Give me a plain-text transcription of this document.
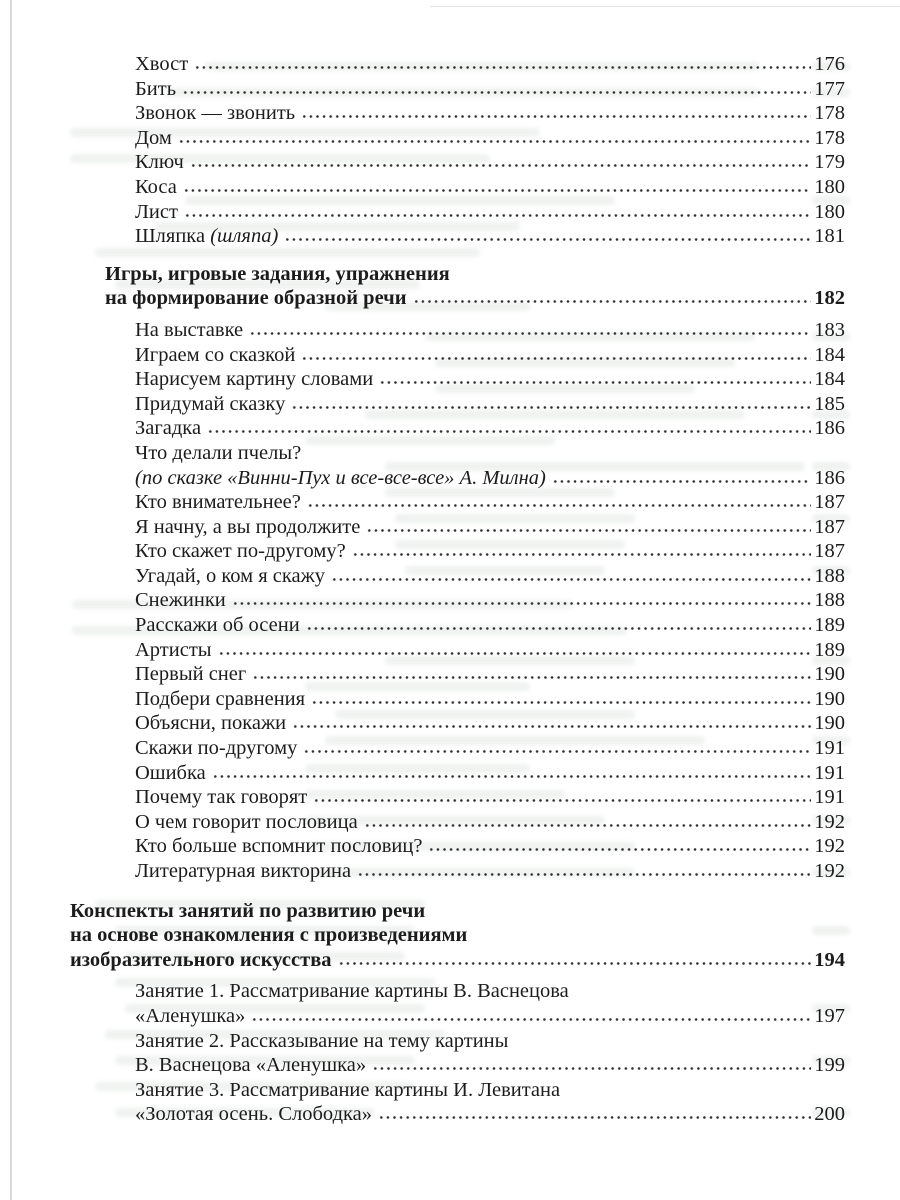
Хвост	176
Бить	177
Звонок — звонить	178
Дом	178
Ключ	179
Коса	180
Лист	180
Шляпка (шляпа)	181
Игры, игровые задания, упражнения
на формирование образной речи	182
На выставке	183
Играем со сказкой	184
Нарисуем картину словами	184
Придумай сказку	185
Загадка	186
Что делали пчелы?
(по сказке «Винни-Пух и все-все-все» А. Милна)	186
Кто внимательнее?	187
Я начну, а вы продолжите	187
Кто скажет по-другому?	187
Угадай, о ком я скажу	188
Снежинки	188
Расскажи об осени	189
Артисты	189
Первый снег	190
Подбери сравнения	190
Объясни, покажи	190
Скажи по-другому	191
Ошибка	191
Почему так говорят	191
О чем говорит пословица	192
Кто больше вспомнит пословиц?	192
Литературная викторина	192
Конспекты занятий по развитию речи
на основе ознакомления с произведениями
изобразительного искусства	194
Занятие 1. Рассматривание картины В. Васнецова
«Аленушка»	197
Занятие 2. Рассказывание на тему картины
В. Васнецова «Аленушка»	199
Занятие 3. Рассматривание картины И. Левитана
«Золотая осень. Слободка»	200
